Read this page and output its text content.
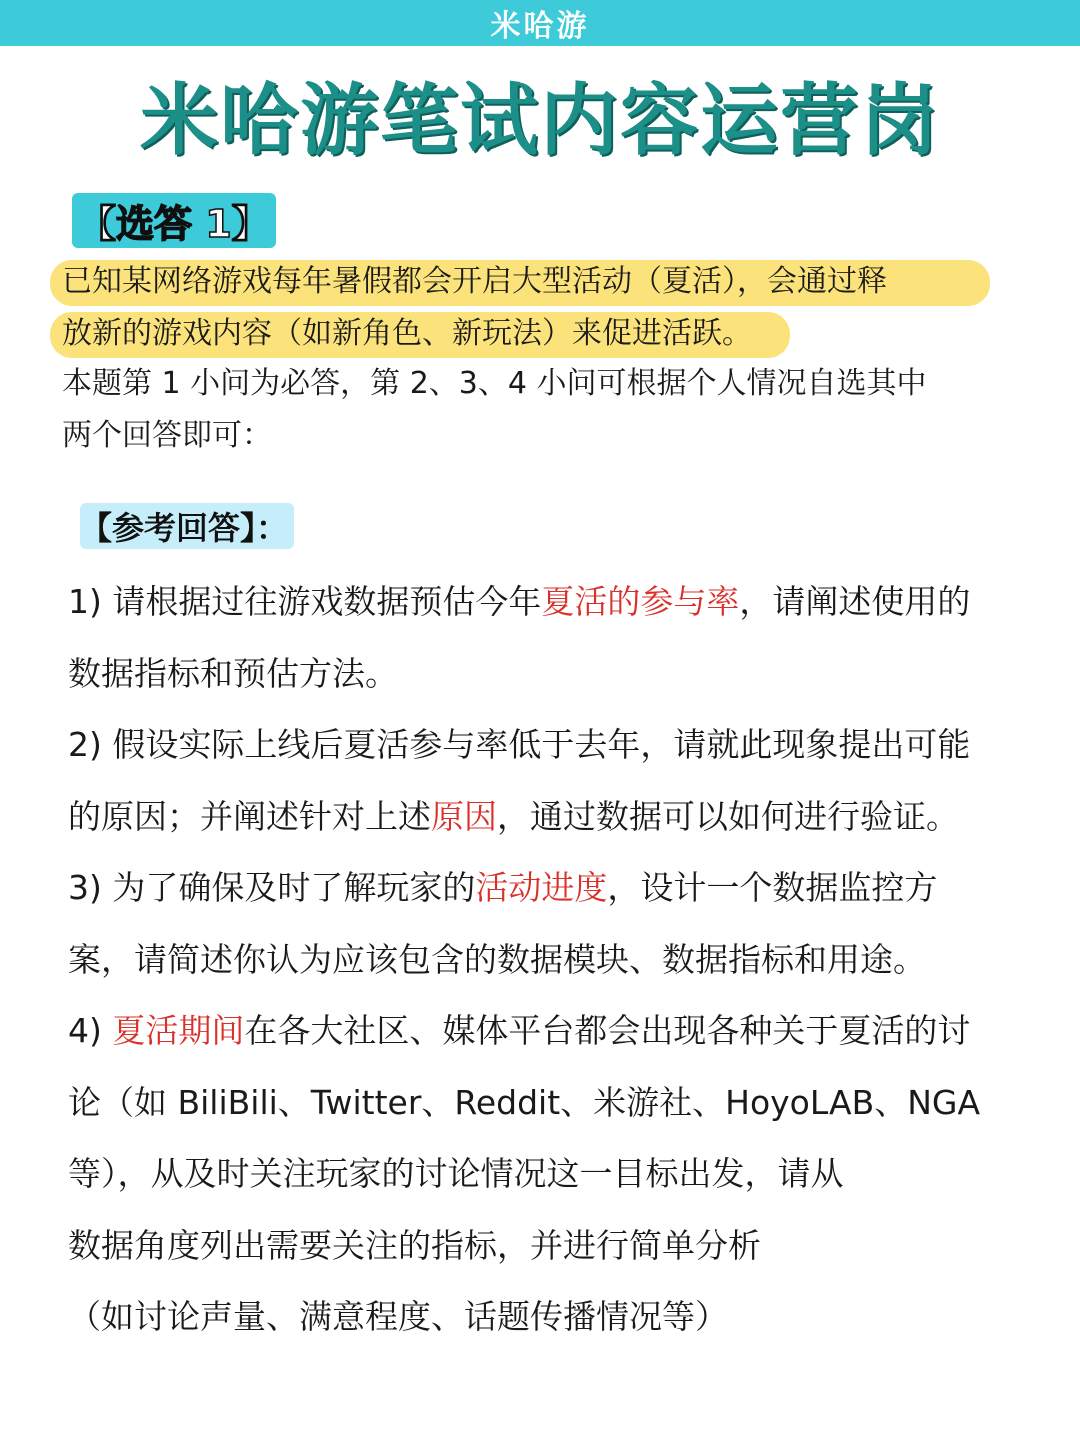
米哈游
米哈游笔试内容运营岗
【选答 1】
已知某网络游戏每年暑假都会开启大型活动（夏活），会通过释
放新的游戏内容（如新角色、新玩法）来促进活跃。
本题第 1 小问为必答，第 2、3、4 小问可根据个人情况自选其中
两个回答即可：
【参考回答】：
1) 请根据过往游戏数据预估今年夏活的参与率，请阐述使用的
数据指标和预估方法。
2) 假设实际上线后夏活参与率低于去年，请就此现象提出可能
的原因；并阐述针对上述原因，通过数据可以如何进行验证。
3) 为了确保及时了解玩家的活动进度，设计一个数据监控方
案，请简述你认为应该包含的数据模块、数据指标和用途。
4) 夏活期间在各大社区、媒体平台都会出现各种关于夏活的讨
论（如 BiliBili、Twitter、Reddit、米游社、HoyoLAB、NGA
等），从及时关注玩家的讨论情况这一目标出发，请从
数据角度列出需要关注的指标，并进行简单分析
（如讨论声量、满意程度、话题传播情况等）
